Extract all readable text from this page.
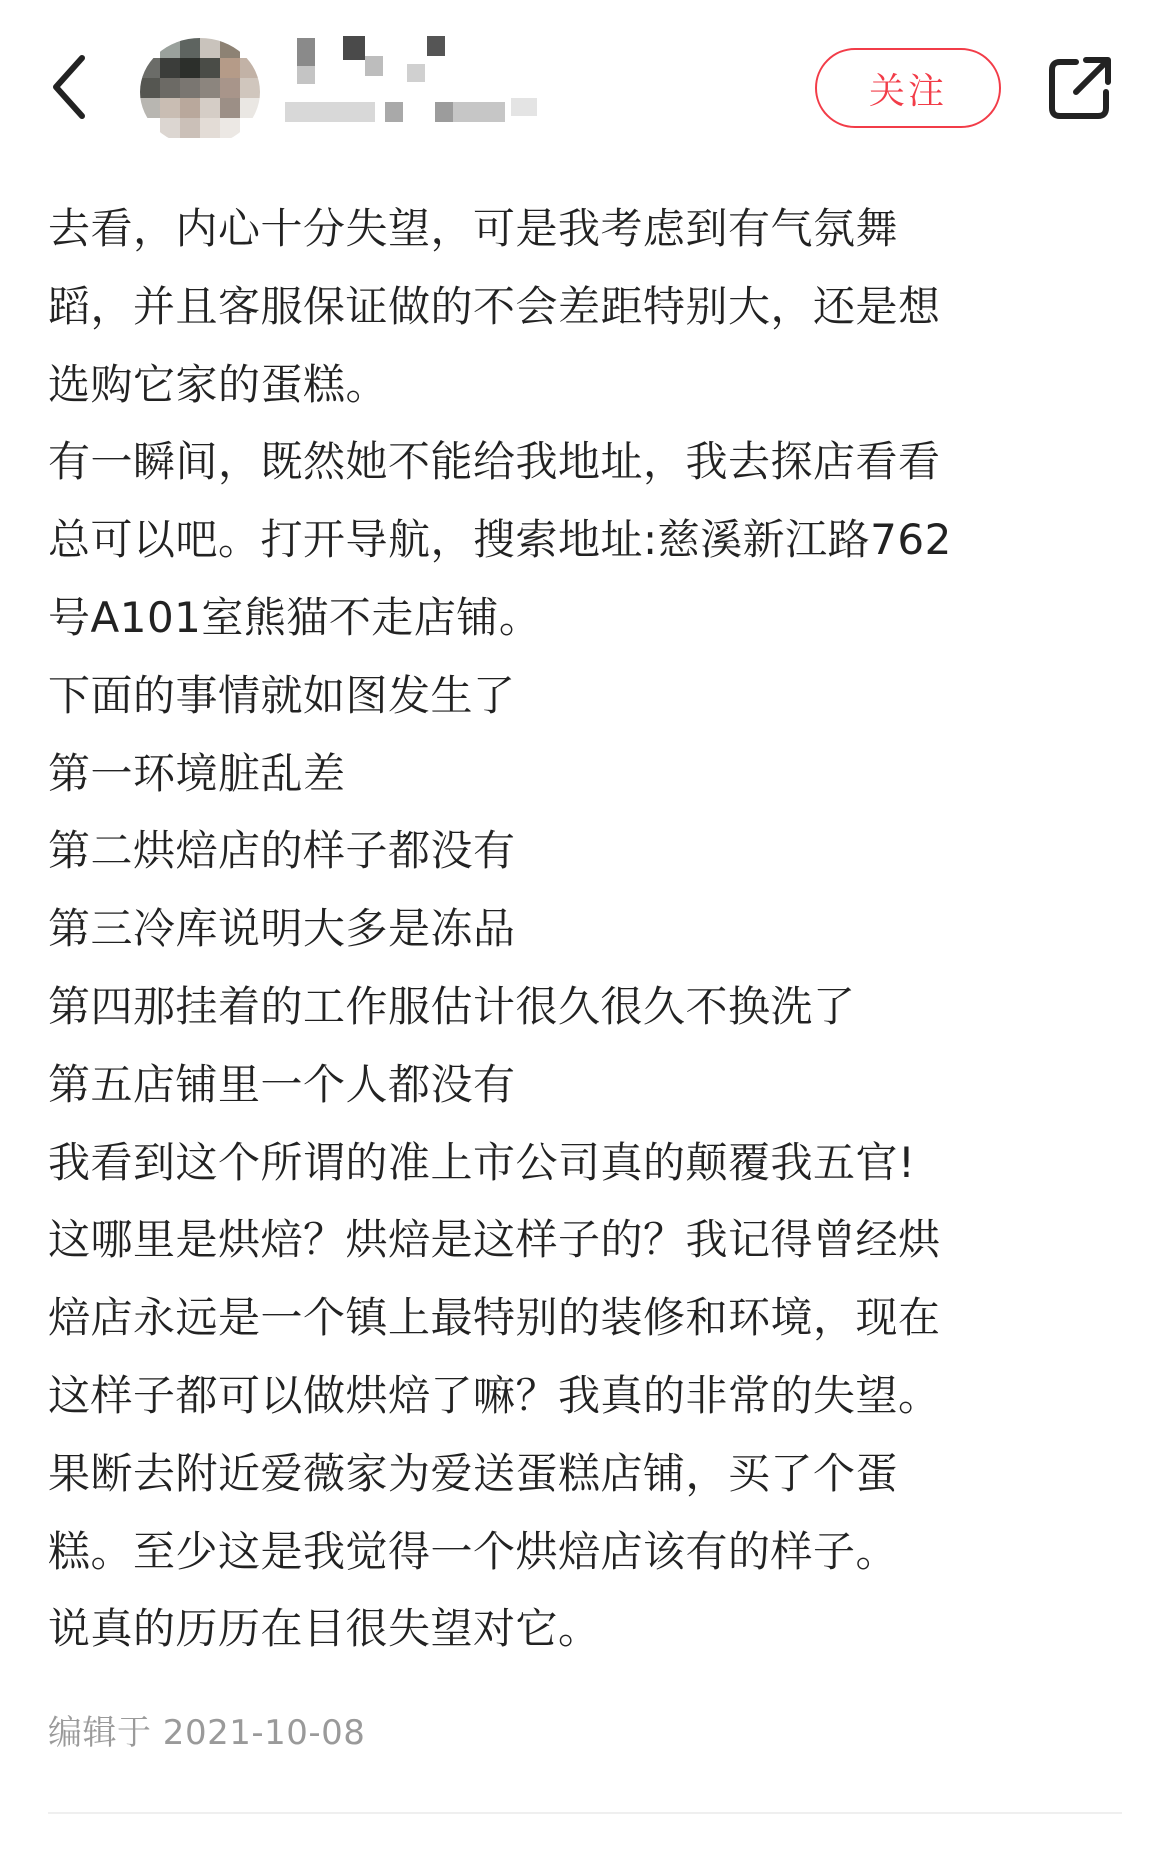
关注

去看，内心十分失望，可是我考虑到有气氛舞
蹈，并且客服保证做的不会差距特别大，还是想
选购它家的蛋糕。

有一瞬间，既然她不能给我地址，我去探店看看
总可以吧。打开导航，搜索地址:慈溪新江路762
号A101室熊猫不走店铺。

下面的事情就如图发生了

第一环境脏乱差

第二烘焙店的样子都没有

第三冷库说明大多是冻品

第四那挂着的工作服估计很久很久不换洗了

第五店铺里一个人都没有

我看到这个所谓的准上市公司真的颠覆我五官!

这哪里是烘焙？烘焙是这样子的？我记得曾经烘
焙店永远是一个镇上最特别的装修和环境，现在
这样子都可以做烘焙了嘛？我真的非常的失望。

果断去附近爱薇家为爱送蛋糕店铺，买了个蛋
糕。至少这是我觉得一个烘焙店该有的样子。

说真的历历在目很失望对它。

编辑于 2021-10-08
